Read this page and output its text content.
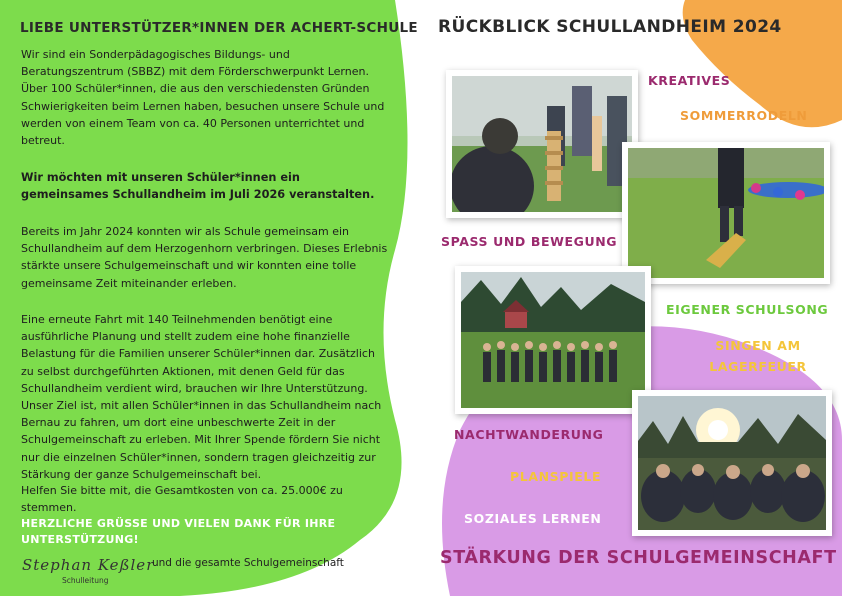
LIEBE UNTERSTÜTZER*INNEN DER ACHERT-SCHULE

Wir sind ein Sonderpädagogisches Bildungs- und Beratungszentrum (SBBZ) mit dem Förderschwerpunkt Lernen. Über 100 Schüler*innen, die aus den verschiedensten Gründen Schwierigkeiten beim Lernen haben, besuchen unsere Schule und werden von einem Team von ca. 40 Personen unterrichtet und betreut.

Wir möchten mit unseren Schüler*innen ein gemeinsames Schullandheim im Juli 2026 veranstalten.

Bereits im Jahr 2024 konnten wir als Schule gemeinsam ein Schullandheim auf dem Herzogenhorn verbringen. Dieses Erlebnis stärkte unsere Schulgemeinschaft und wir konnten eine tolle gemeinsame Zeit miteinander erleben.

Eine erneute Fahrt mit 140 Teilnehmenden benötigt eine ausführliche Planung und stellt zudem eine hohe finanzielle Belastung für die Familien unserer Schüler*innen dar. Zusätzlich zu selbst durchgeführten Aktionen, mit denen Geld für das Schullandheim verdient wird, brauchen wir Ihre Unterstützung. Unser Ziel ist, mit allen Schüler*innen in das Schullandheim nach Bernau zu fahren, um dort eine unbeschwerte Zeit in der Schulgemeinschaft zu erleben. Mit Ihrer Spende fördern Sie nicht nur die einzelnen Schüler*innen, sondern tragen gleichzeitig zur Stärkung der ganze Schulgemeinschaft bei.

Helfen Sie bitte mit, die Gesamtkosten von ca. 25.000€ zu stemmen.

HERZLICHE GRÜSSE UND VIELEN DANK FÜR IHRE UNTERSTÜTZUNG!
Stephan Keßler
Schulleitung
und die gesamte Schulgemeinschaft
RÜCKBLICK SCHULLANDHEIM 2024
KREATIVES
SOMMERRODELN
SPASS UND BEWEGUNG
EIGENER SCHULSONG
SINGEN AM
LAGERFEUER
NACHTWANDERUNG
PLANSPIELE
SOZIALES LERNEN
STÄRKUNG DER SCHULGEMEINSCHAFT
